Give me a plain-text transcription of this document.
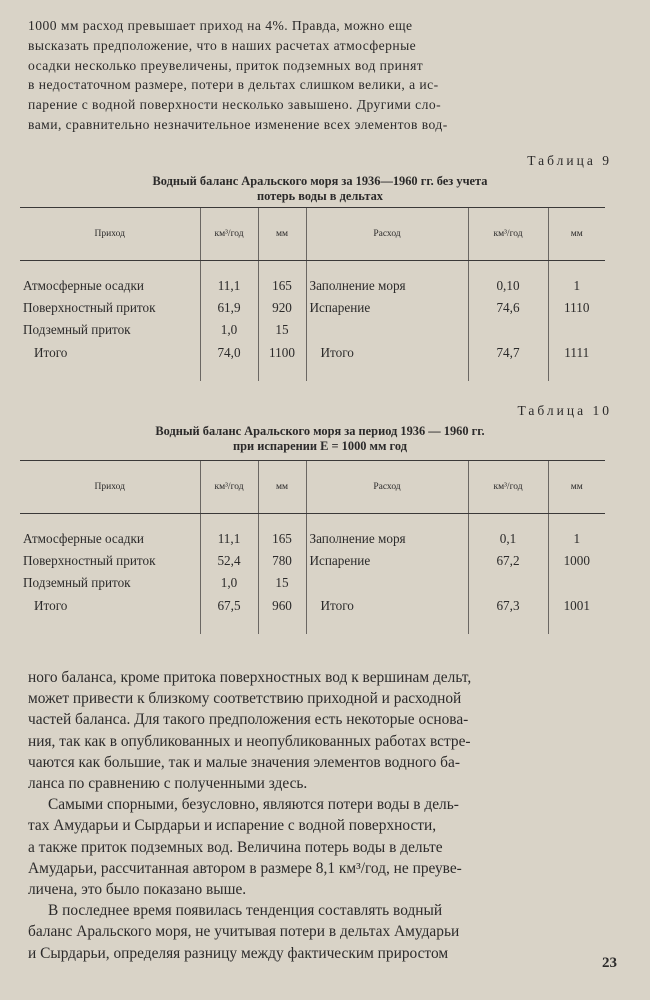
1000 мм расход превышает приход на 4%. Правда, можно еще
высказать предположение, что в наших расчетах атмосферные
осадки несколько преувеличены, приток подземных вод принят
в недостаточном размере, потери в дельтах слишком велики, а ис-
парение с водной поверхности несколько завышено. Другими сло-
вами, сравнительно незначительное изменение всех элементов вод-
Таблица 9
Водный баланс Аральского моря за 1936—1960 гг. без учета
потерь воды в дельтах
Приход	км³/год	мм	Расход	км³/год	мм

Атмосферные осадки	11,1	165	Заполнение моря	0,10	1
Поверхностный приток	61,9	920	Испарение	74,6	1110
Подземный приток	1,0	15			
Итого	74,0	1100	Итого	74,7	1111
Таблица 10
Водный баланс Аральского моря за период 1936 — 1960 гг.
при испарении E = 1000 мм год
Приход	км³/год	мм	Расход	км³/год	мм

Атмосферные осадки	11,1	165	Заполнение моря	0,1	1
Поверхностный приток	52,4	780	Испарение	67,2	1000
Подземный приток	1,0	15			
Итого	67,5	960	Итого	67,3	1001
ного баланса, кроме притока поверхностных вод к вершинам дельт,
может привести к близкому соответствию приходной и расходной
частей баланса. Для такого предположения есть некоторые основа-
ния, так как в опубликованных и неопубликованных работах встре-
чаются как большие, так и малые значения элементов водного ба-
ланса по сравнению с полученными здесь.
Самыми спорными, безусловно, являются потери воды в дель-
тах Амударьи и Сырдарьи и испарение с водной поверхности,
а также приток подземных вод. Величина потерь воды в дельте
Амударьи, рассчитанная автором в размере 8,1 км³/год, не преуве-
личена, это было показано выше.
В последнее время появилась тенденция составлять водный
баланс Аральского моря, не учитывая потери в дельтах Амударьи
и Сырдарьи, определяя разницу между фактическим приростом
23
